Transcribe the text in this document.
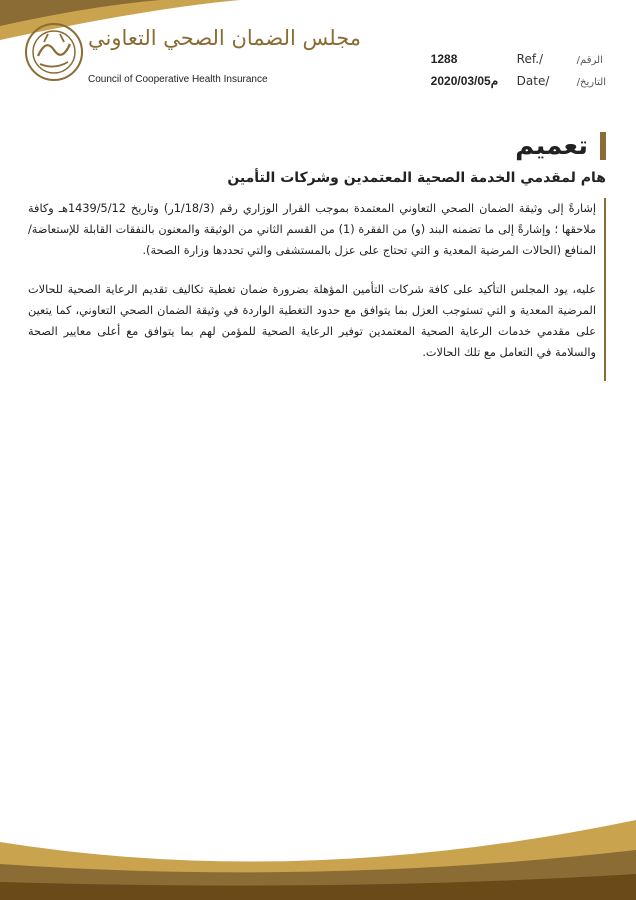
مجلس الضمان الصحي التعاوني
Council of Cooperative Health Insurance
1288	Ref./	الرقم/
2020/03/05م	Date/	التاريخ/
تعميم
هام لمقدمي الخدمة الصحية المعتمدين وشركات التأمين

إشارةً إلى وثيقة الضمان الصحي التعاوني المعتمدة بموجب القرار الوزاري رقم (1/18/3ر) وتاريخ 1439/5/12هـ وكافة ملاحقها ؛ وإشارةً إلى ما تضمنه البند (و) من الفقرة (1) من القسم الثاني من الوثيقة والمعنون بالنفقات القابلة للإستعاضة/ المنافع (الحالات المرضية المعدية و التي تحتاج على عزل بالمستشفى والتي تحددها وزارة الصحة).

عليه، يود المجلس التأكيد على كافة شركات التأمين المؤهلة بضرورة ضمان تغطية تكاليف تقديم الرعاية الصحية للحالات المرضية المعدية و التي تستوجب العزل بما يتوافق مع حدود التغطية الواردة في وثيقة الضمان الصحي التعاوني، كما يتعين على مقدمي خدمات الرعاية الصحية المعتمدين توفير الرعاية الصحية للمؤمن لهم بما يتوافق مع أعلى معايير الصحة والسلامة في التعامل مع تلك الحالات.
